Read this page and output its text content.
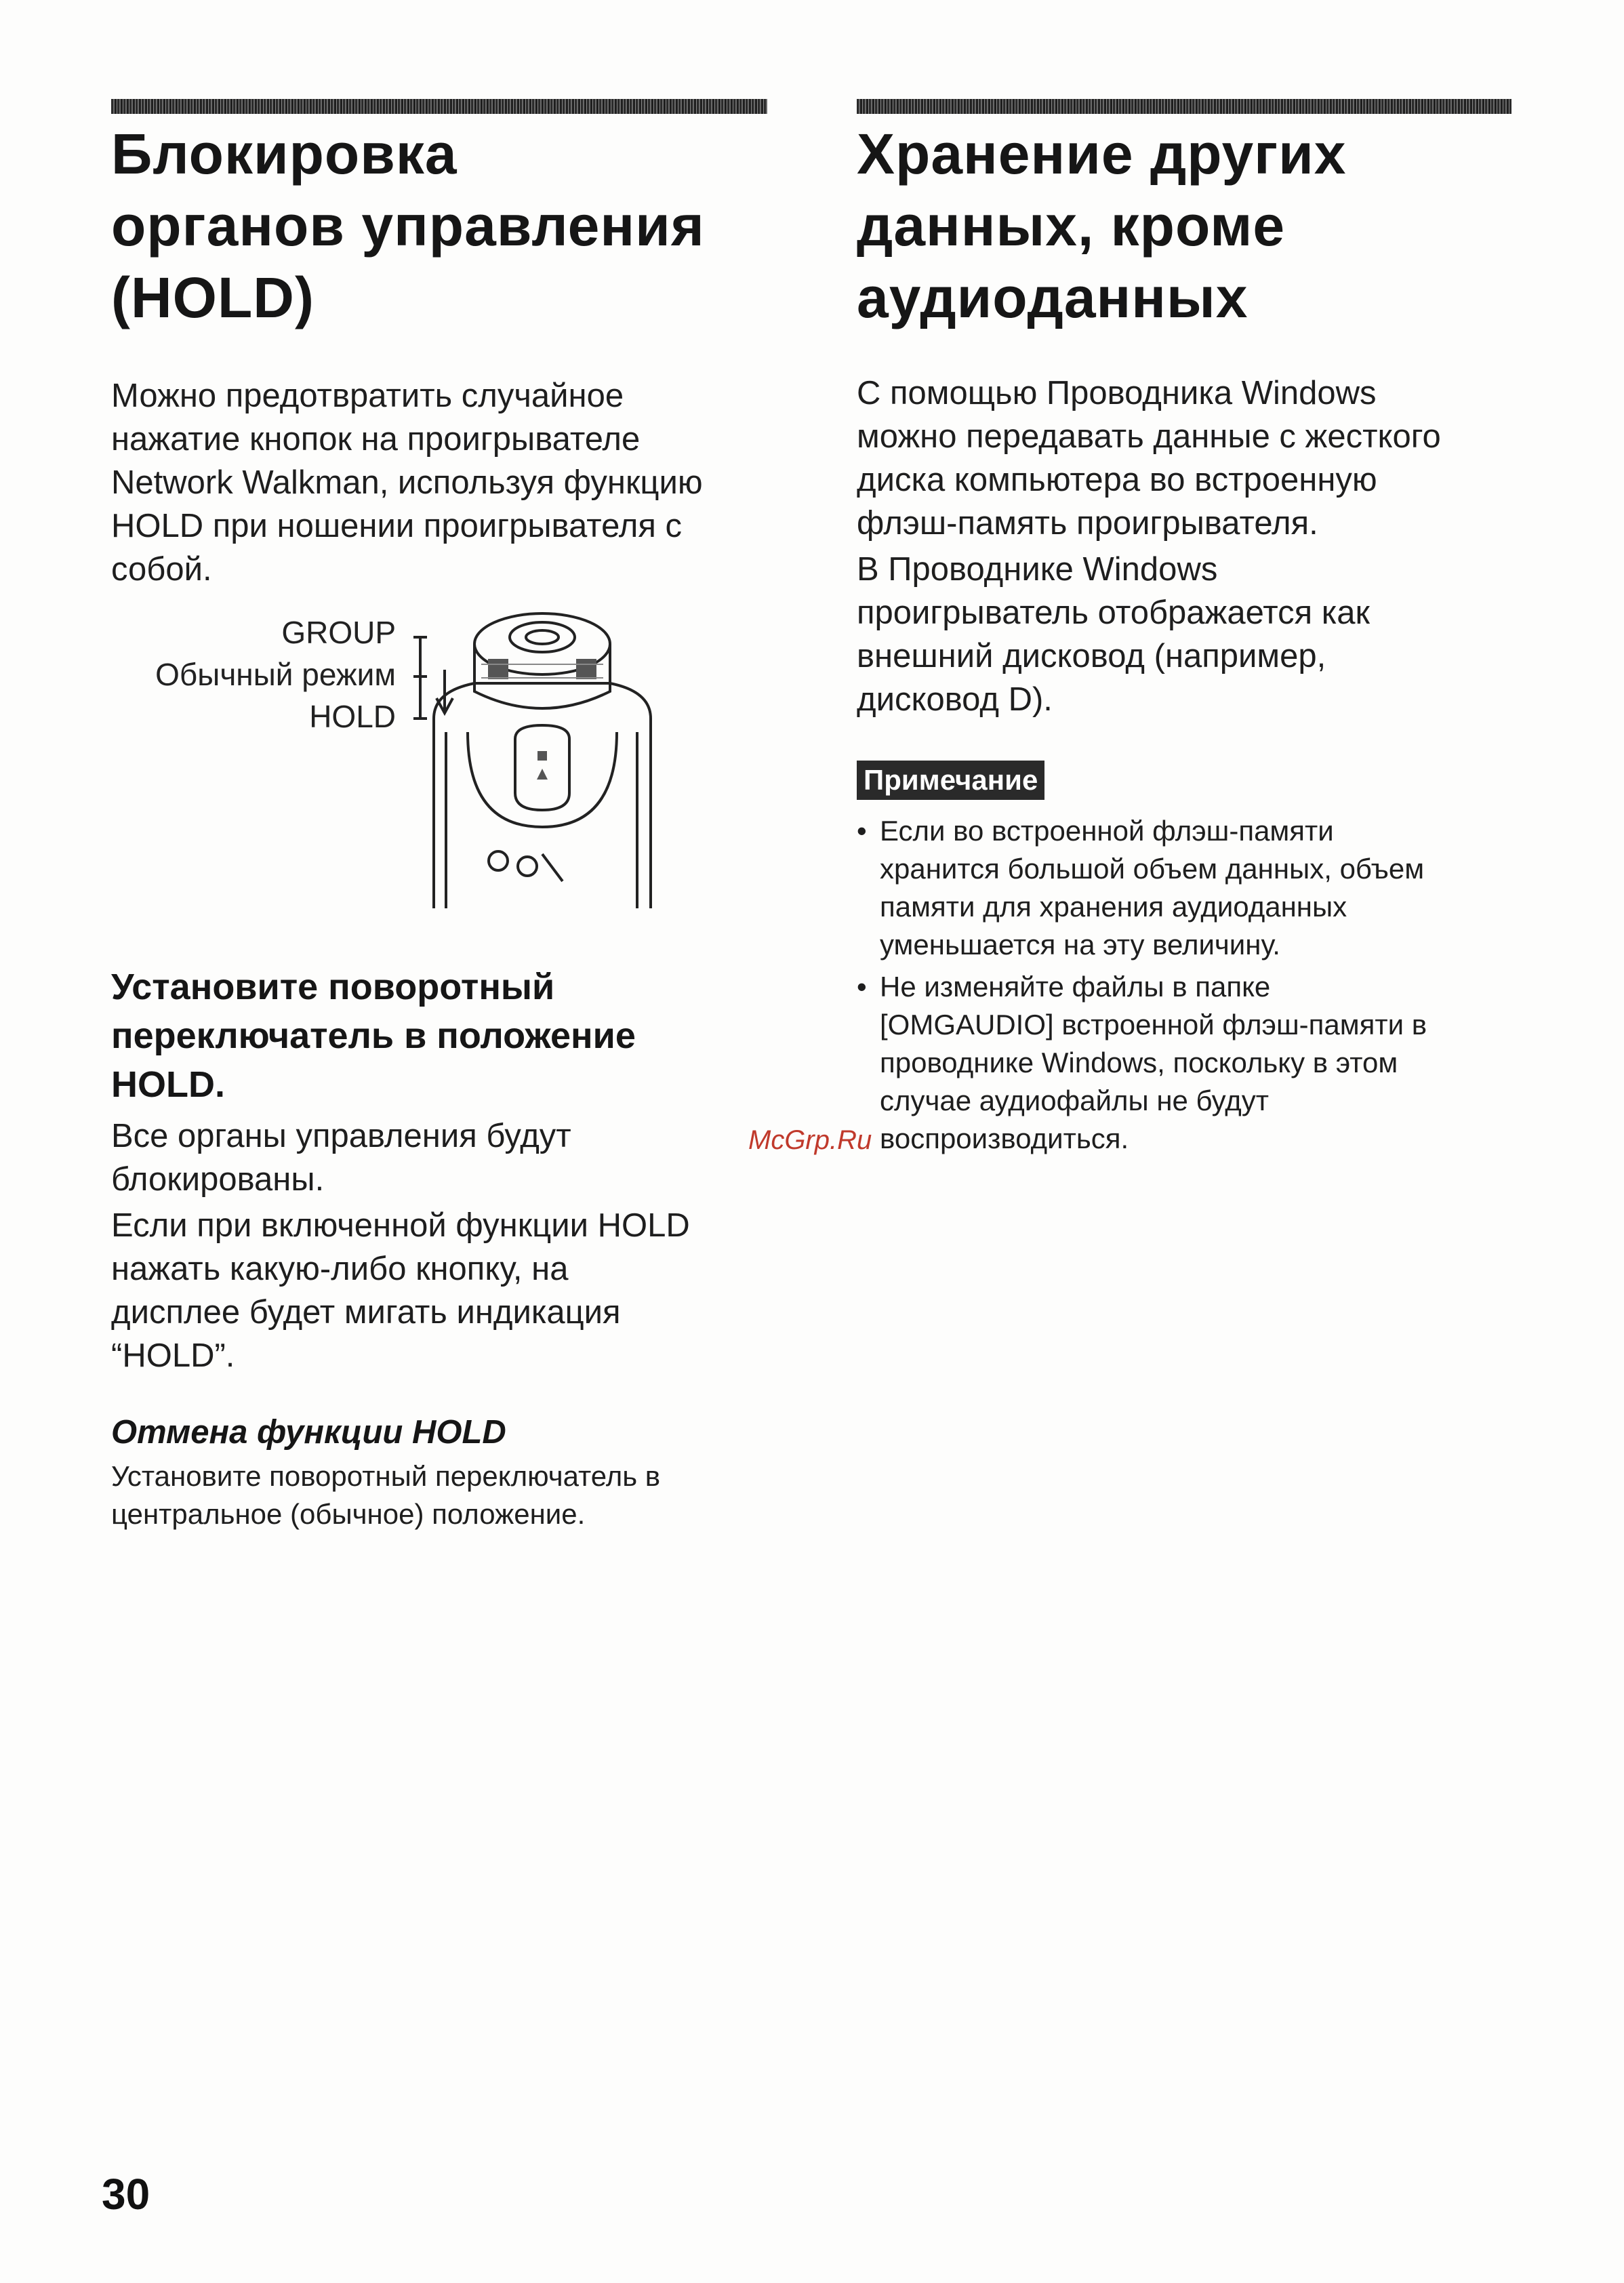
Блокировка
органов управления
(HOLD)
Можно предотвратить случайное
нажатие кнопок на проигрывателе
Network Walkman, используя функцию
HOLD при ношении проигрывателя с
собой.
GROUP
Обычный режим
HOLD
Установите поворотный
переключатель в положение
HOLD.
Все органы управления будут
блокированы.
Если при включенной функции HOLD
нажать какую-либо кнопку, на
дисплее будет мигать индикация
“HOLD”.
Отмена функции HOLD
Установите поворотный переключатель в
центральное (обычное) положение.
Хранение других
данных, кроме
аудиоданных
С помощью Проводника Windows
можно передавать данные с жесткого
диска компьютера во встроенную
флэш-память проигрывателя.
В Проводнике Windows
проигрыватель отображается как
внешний дисковод (например,
дисковод D).
Примечание
• Если во встроенной флэш-памяти
хранится большой объем данных, объем
памяти для хранения аудиоданных
уменьшается на эту величину.
• Не изменяйте файлы в папке
[OMGAUDIO] встроенной флэш-памяти в
проводнике Windows, поскольку в этом
случае аудиофайлы не будут
воспроизводиться.
McGrp.Ru
30
